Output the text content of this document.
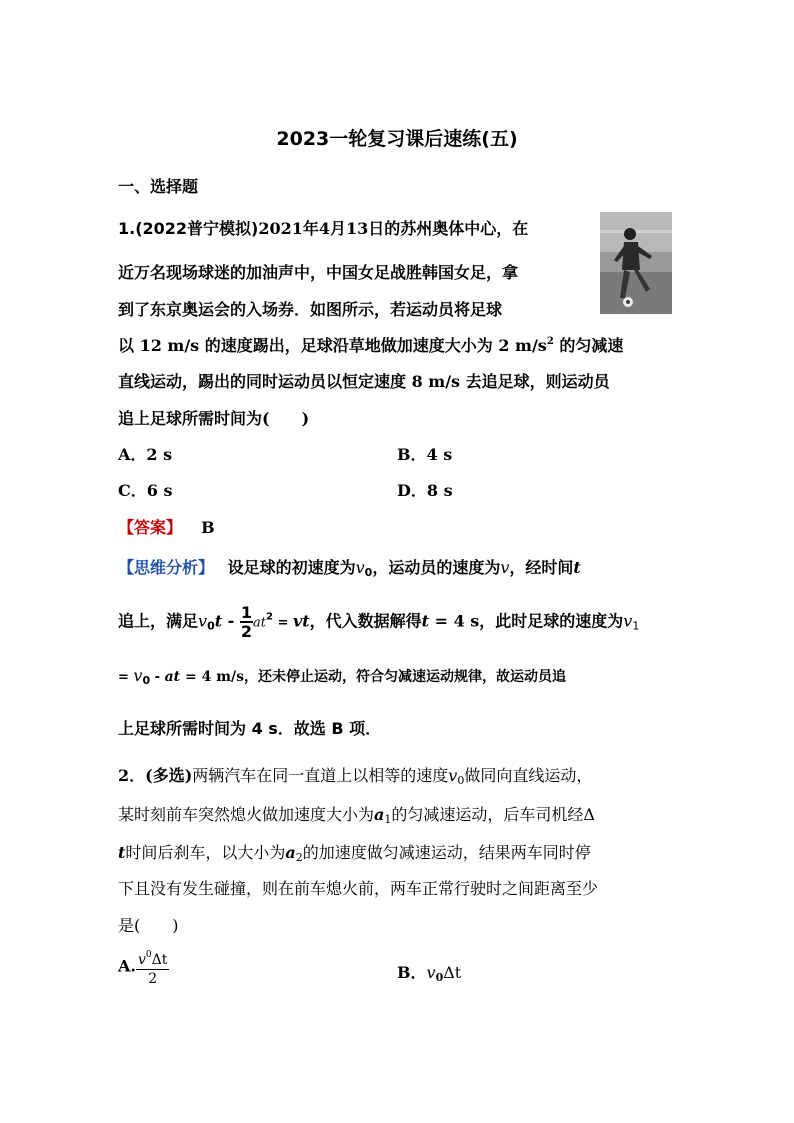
2023一轮复习课后速练(五)
一、选择题
1.(2022普宁模拟)2021年4月13日的苏州奥体中心，在
近万名现场球迷的加油声中，中国女足战胜韩国女足，拿
到了东京奥运会的入场券．如图所示，若运动员将足球
以 12 m/s 的速度踢出，足球沿草地做加速度大小为 2 $m/s^2$ 的匀减速
直线运动，踢出的同时运动员以恒定速度 8 m/s 去追足球，则运动员
追上足球所需时间为(　　)
A．2 s	B．4 s
C．6 s	D．8 s
【答案】 B
【思维分析】 设足球的初速度为$v_0$，运动员的速度为v，经时间t
追上，满足$v_0t - \frac{1}{2} at^2$ = vt，代入数据解得t = 4 s，此时足球的速度为$v_1$
= $v_0$ - at = 4 m/s，还未停止运动，符合匀减速运动规律，故运动员追
上足球所需时间为 4 s．故选 B 项．
2．(多选)两辆汽车在同一直道上以相等的速度$v_0$做同向直线运动，
某时刻前车突然熄火做加速度大小为$a_1$的匀减速运动，后车司机经Δ
t时间后刹车，以大小为$a_2$的加速度做匀减速运动，结果两车同时停
下且没有发生碰撞，则在前车熄火前，两车正常行驶时之间距离至少
是(　　)
A. $\frac{v^0\Delta t}{2}$	B．$v_0\Delta t$
